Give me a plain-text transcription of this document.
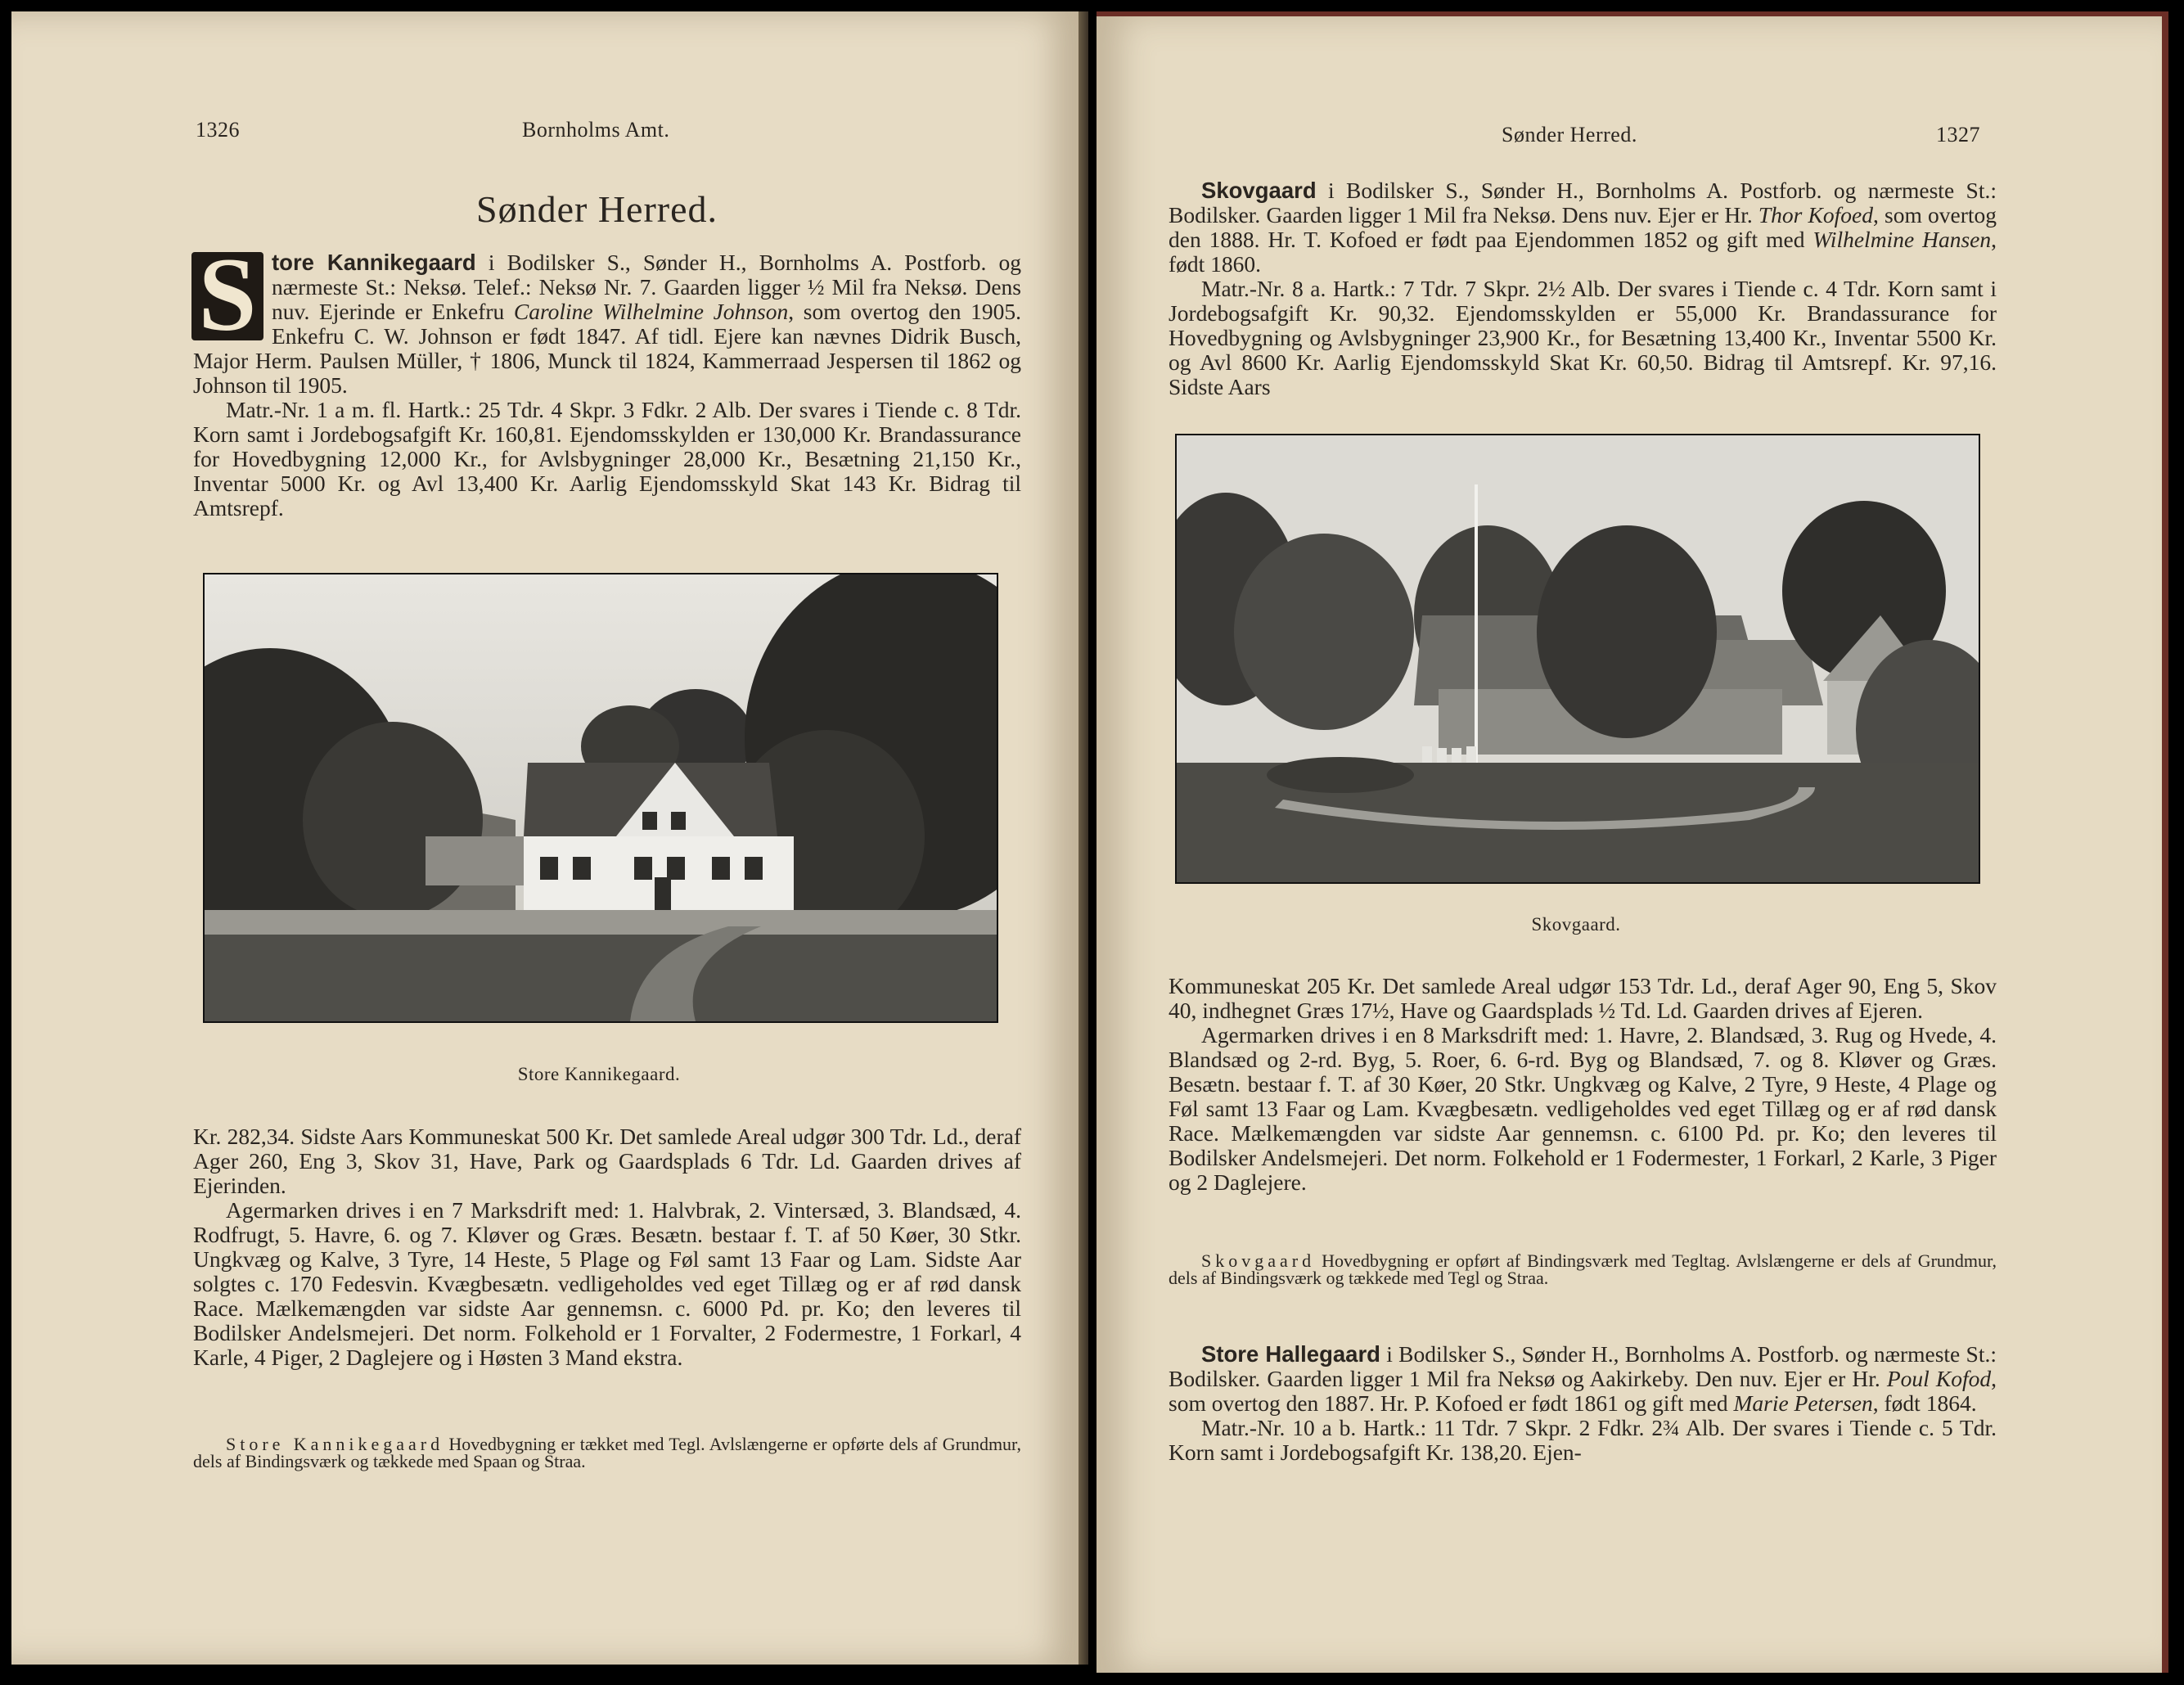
1326	Bornholms Amt.
Sønder Herred.

S tore Kannikegaard i Bodilsker S., Sønder H., Bornholms A. Postforb. og nærmeste St.: Neksø. Telef.: Neksø Nr. 7. Gaarden ligger ½ Mil fra Neksø. Dens nuv. Ejerinde er Enkefru Caroline Wilhelmine Johnson, som overtog den 1905. Enkefru C. W. Johnson er født 1847. Af tidl. Ejere kan nævnes Didrik Busch, Major Herm. Paulsen Müller, † 1806, Munck til 1824, Kammerraad Jespersen til 1862 og Johnson til 1905.

Matr.-Nr. 1 a m. fl. Hartk.: 25 Tdr. 4 Skpr. 3 Fdkr. 2 Alb. Der svares i Tiende c. 8 Tdr. Korn samt i Jordebogsafgift Kr. 160,81. Ejendomsskylden er 130,000 Kr. Brandassurance for Hovedbygning 12,000 Kr., for Avlsbygninger 28,000 Kr., Besætning 21,150 Kr., Inventar 5000 Kr. og Avl 13,400 Kr. Aarlig Ejendomsskyld Skat 143 Kr. Bidrag til Amtsrepf.

Store Kannikegaard.

Kr. 282,34. Sidste Aars Kommuneskat 500 Kr. Det samlede Areal udgør 300 Tdr. Ld., deraf Ager 260, Eng 3, Skov 31, Have, Park og Gaardsplads 6 Tdr. Ld. Gaarden drives af Ejerinden.

Agermarken drives i en 7 Marksdrift med: 1. Halvbrak, 2. Vintersæd, 3. Blandsæd, 4. Rodfrugt, 5. Havre, 6. og 7. Kløver og Græs. Besætn. bestaar f. T. af 50 Køer, 30 Stkr. Ungkvæg og Kalve, 3 Tyre, 14 Heste, 5 Plage og Føl samt 13 Faar og Lam. Sidste Aar solgtes c. 170 Fedesvin. Kvægbesætn. vedligeholdes ved eget Tillæg og er af rød dansk Race. Mælkemængden var sidste Aar gennemsn. c. 6000 Pd. pr. Ko; den leveres til Bodilsker Andelsmejeri. Det norm. Folkehold er 1 Forvalter, 2 Fodermestre, 1 Forkarl, 4 Karle, 4 Piger, 2 Daglejere og i Høsten 3 Mand ekstra.

Store Kannikegaard Hovedbygning er tækket med Tegl. Avlslængerne er opførte dels af Grundmur, dels af Bindingsværk og tækkede med Spaan og Straa.

Sønder Herred.	1327

Skovgaard i Bodilsker S., Sønder H., Bornholms A. Postforb. og nærmeste St.: Bodilsker. Gaarden ligger 1 Mil fra Neksø. Dens nuv. Ejer er Hr. Thor Kofoed, som overtog den 1888. Hr. T. Kofoed er født paa Ejendommen 1852 og gift med Wilhelmine Hansen, født 1860.

Matr.-Nr. 8 a. Hartk.: 7 Tdr. 7 Skpr. 2½ Alb. Der svares i Tiende c. 4 Tdr. Korn samt i Jordebogsafgift Kr. 90,32. Ejendomsskylden er 55,000 Kr. Brandassurance for Hovedbygning og Avlsbygninger 23,900 Kr., for Besætning 13,400 Kr., Inventar 5500 Kr. og Avl 8600 Kr. Aarlig Ejendomsskyld Skat Kr. 60,50. Bidrag til Amtsrepf. Kr. 97,16. Sidste Aars

Skovgaard.

Kommuneskat 205 Kr. Det samlede Areal udgør 153 Tdr. Ld., deraf Ager 90, Eng 5, Skov 40, indhegnet Græs 17½, Have og Gaardsplads ½ Td. Ld. Gaarden drives af Ejeren.

Agermarken drives i en 8 Marksdrift med: 1. Havre, 2. Blandsæd, 3. Rug og Hvede, 4. Blandsæd og 2-rd. Byg, 5. Roer, 6. 6-rd. Byg og Blandsæd, 7. og 8. Kløver og Græs. Besætn. bestaar f. T. af 30 Køer, 20 Stkr. Ungkvæg og Kalve, 2 Tyre, 9 Heste, 4 Plage og Føl samt 13 Faar og Lam. Kvægbesætn. vedligeholdes ved eget Tillæg og er af rød dansk Race. Mælkemængden var sidste Aar gennemsn. c. 6100 Pd. pr. Ko; den leveres til Bodilsker Andelsmejeri. Det norm. Folkehold er 1 Fodermester, 1 Forkarl, 2 Karle, 3 Piger og 2 Daglejere.

Skovgaard Hovedbygning er opført af Bindingsværk med Tegltag. Avlslængerne er dels af Grundmur, dels af Bindingsværk og tækkede med Tegl og Straa.

Store Hallegaard i Bodilsker S., Sønder H., Bornholms A. Postforb. og nærmeste St.: Bodilsker. Gaarden ligger 1 Mil fra Neksø og Aakirkeby. Den nuv. Ejer er Hr. Poul Kofod, som overtog den 1887. Hr. P. Kofoed er født 1861 og gift med Marie Petersen, født 1864.

Matr.-Nr. 10 a b. Hartk.: 11 Tdr. 7 Skpr. 2 Fdkr. 2¾ Alb. Der svares i Tiende c. 5 Tdr. Korn samt i Jordebogsafgift Kr. 138,20. Ejen-
